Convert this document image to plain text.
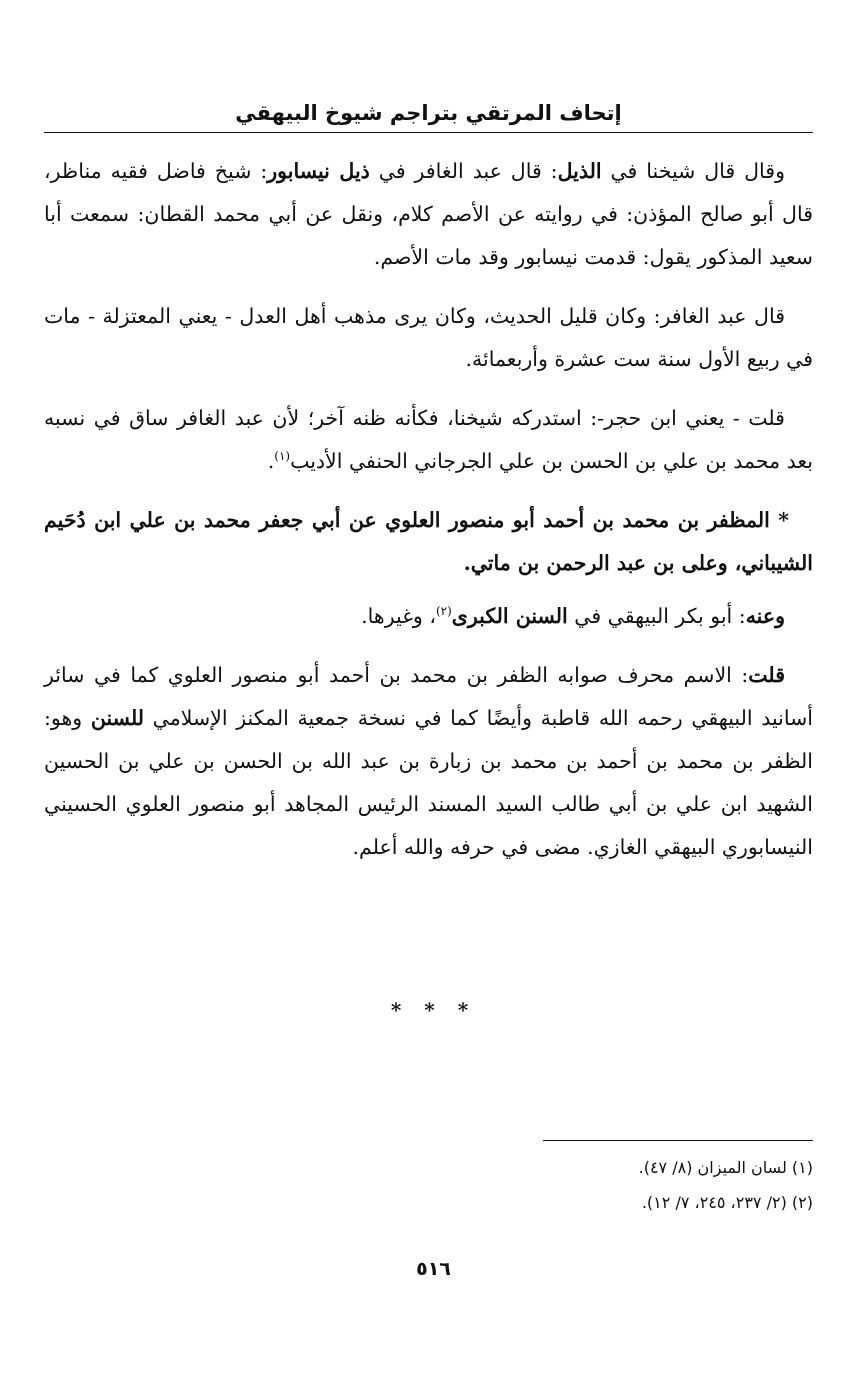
إتحاف المرتقي بتراجم شيوخ البيهقي

وقال قال شيخنا في الذيل: قال عبد الغافر في ذيل نيسابور: شيخ فاضل فقيه مناظر، قال أبو صالح المؤذن: في روايته عن الأصم كلام، ونقل عن أبي محمد القطان: سمعت أبا سعيد المذكور يقول: قدمت نيسابور وقد مات الأصم.

قال عبد الغافر: وكان قليل الحديث، وكان يرى مذهب أهل العدل - يعني المعتزلة - مات في ربيع الأول سنة ست عشرة وأربعمائة.

قلت - يعني ابن حجر-: استدركه شيخنا، فكأنه ظنه آخر؛ لأن عبد الغافر ساق في نسبه بعد محمد بن علي بن الحسن بن علي الجرجاني الحنفي الأديب$^{(١)}$.

* المظفر بن محمد بن أحمد أبو منصور العلوي عن أبي جعفر محمد بن علي ابن دُحَيم الشيباني، وعلى بن عبد الرحمن بن ماتي.

وعنه: أبو بكر البيهقي في السنن الكبرى$^{(٢)}$، وغيرها.

قلت: الاسم محرف صوابه الظفر بن محمد بن أحمد أبو منصور العلوي كما في سائر أسانيد البيهقي رحمه الله قاطبة وأيضًا كما في نسخة جمعية المكنز الإسلامي للسنن وهو: الظفر بن محمد بن أحمد بن محمد بن زبارة بن عبد الله بن الحسن بن علي بن الحسين الشهيد ابن علي بن أبي طالب السيد المسند الرئيس المجاهد أبو منصور العلوي الحسيني النيسابوري البيهقي الغازي. مضى في حرفه والله أعلم.

* * *
(١) لسان الميزان (٨/ ٤٧).
(٢) (٢/ ٢٣٧، ٢٤٥، ٧/ ١٢).
٥١٦
